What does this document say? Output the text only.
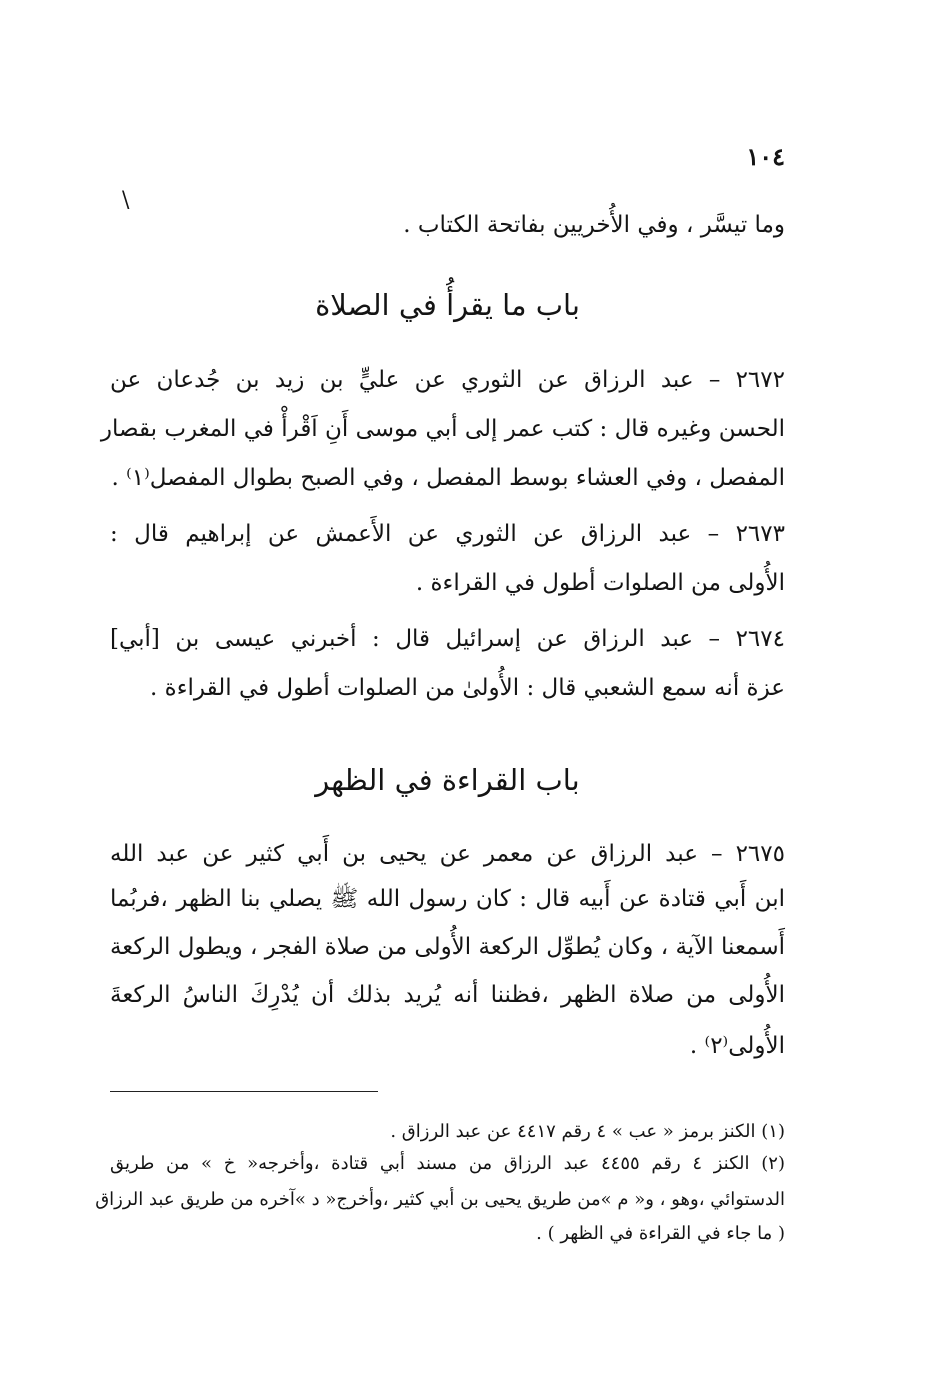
١٠٤
\
وما تيسَّر ، وفي الأُخريين بفاتحة الكتاب .
باب ما يقرأُ في الصلاة
٢٦٧٢ – عبد الرزاق عن الثوري عن عليٍّ بن زيد بن جُدعان عن
الحسن وغيره قال : كتب عمر إلى أبي موسى أَنِ اَقْرأْ في المغرب بقصار
المفصل ، وفي العشاء بوسط المفصل ، وفي الصبح بطوال المفصل⁽١⁾ .
٢٦٧٣ – عبد الرزاق عن الثوري عن الأَعمش عن إبراهيم قال :
الأُولى من الصلوات أطول في القراءة .
٢٦٧٤ – عبد الرزاق عن إسرائيل قال : أخبرني عيسى بن [أبي]
عزة أنه سمع الشعبي قال : الأُولىٰ من الصلوات أطول في القراءة .
باب القراءة في الظهر
٢٦٧٥ – عبد الرزاق عن معمر عن يحيى بن أَبي كثير عن عبد الله
ابن أَبي قتادة عن أَبيه قال : كان رسول الله ﷺ يصلي بنا الظهر ،فربُما
أَسمعنا الآية ، وكان يُطوِّل الركعة الأُولى من صلاة الفجر ، ويطول الركعة
الأُولى من صلاة الظهر ،فظننا أنه يُريد بذلك أن يُدْرِكَ الناسُ الركعةَ
الأُولى⁽٢⁾ .
(١) الكنز برمز « عب » ٤ رقم ٤٤١٧ عن عبد الرزاق .
(٢) الكنز ٤ رقم ٤٤٥٥ عبد الرزاق من مسند أبي قتادة ،وأخرجه« خ » من طريق
الدستوائي ،وهو ، و« م »من طريق يحيى بن أبي كثير ،وأخرج« د »آخره من طريق عبد الرزاق
( ما جاء في القراءة في الظهر ) .
